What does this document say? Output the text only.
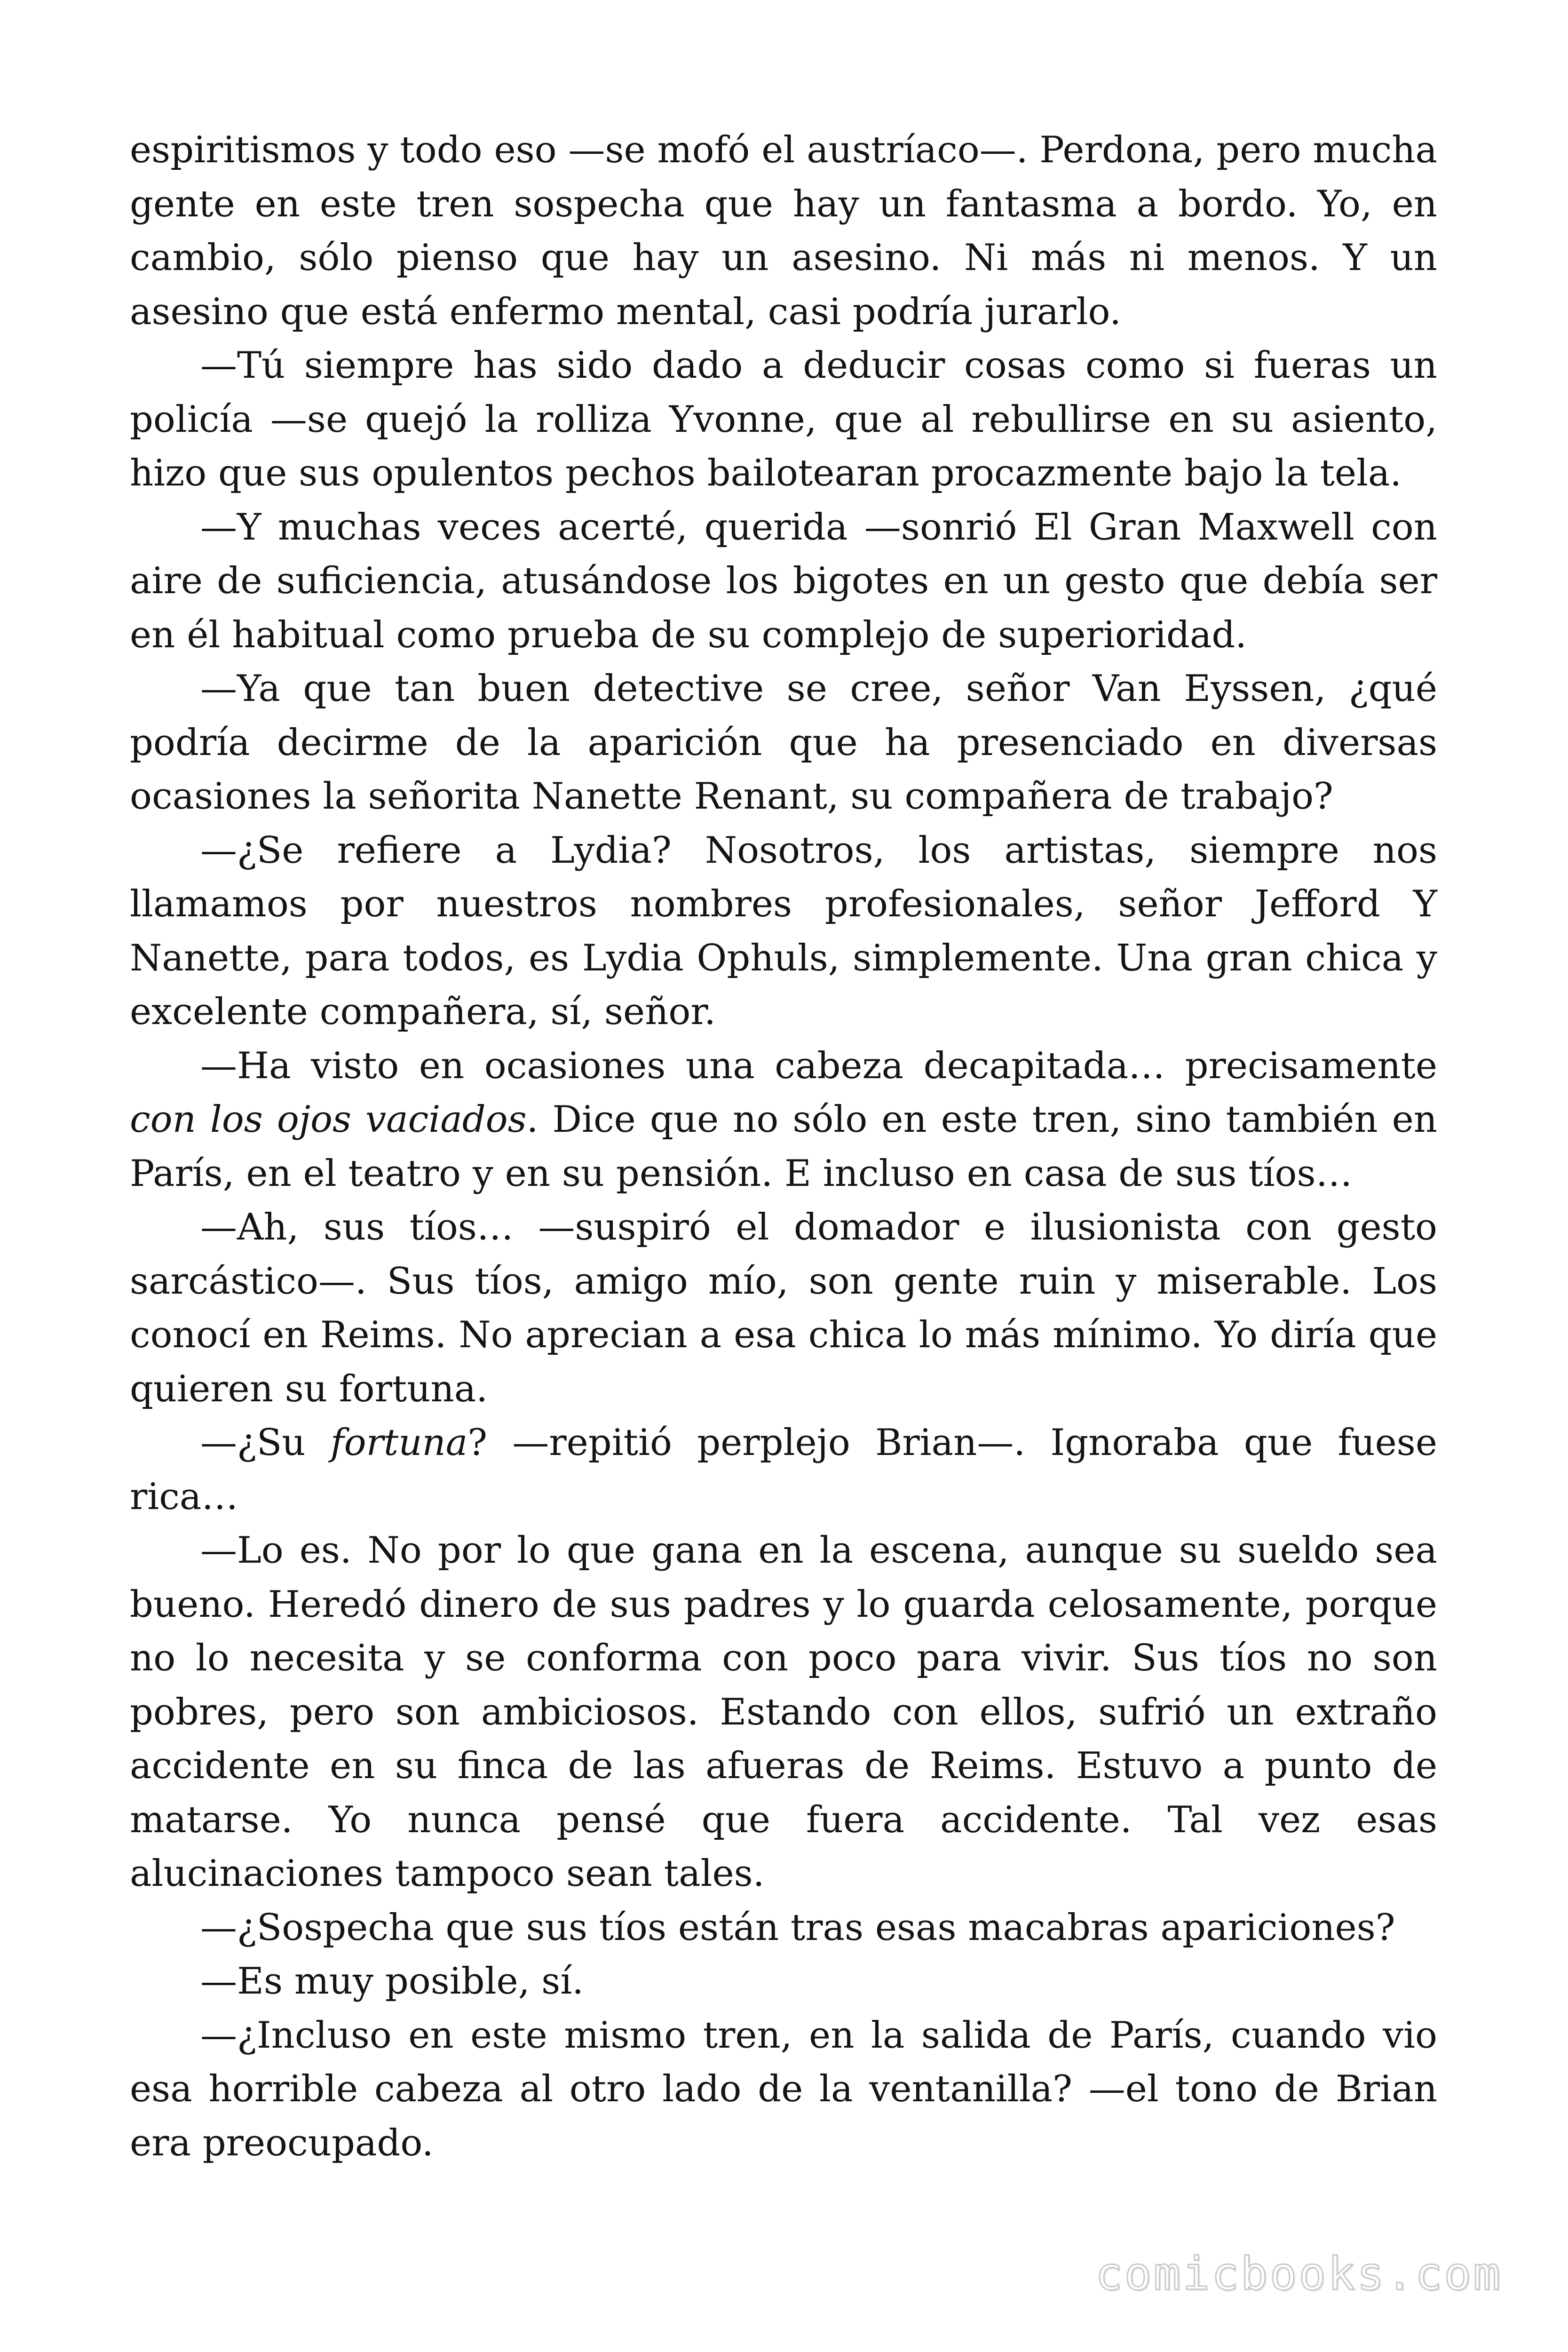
espiritismos y todo eso —se mofó el austríaco—. Perdona, pero mucha gente en este tren sospecha que hay un fantasma a bordo. Yo, en cambio, sólo pienso que hay un asesino. Ni más ni menos. Y un asesino que está enfermo mental, casi podría jurarlo.

—Tú siempre has sido dado a deducir cosas como si fueras un policía —se quejó la rolliza Yvonne, que al rebullirse en su asiento, hizo que sus opulentos pechos bailotearan procazmente bajo la tela.

—Y muchas veces acerté, querida —sonrió El Gran Maxwell con aire de suficiencia, atusándose los bigotes en un gesto que debía ser en él habitual como prueba de su complejo de superioridad.

—Ya que tan buen detective se cree, señor Van Eyssen, ¿qué podría decirme de la aparición que ha presenciado en diversas ocasiones la señorita Nanette Renant, su compañera de trabajo?

—¿Se refiere a Lydia? Nosotros, los artistas, siempre nos llamamos por nuestros nombres profesionales, señor Jefford Y Nanette, para todos, es Lydia Ophuls, simplemente. Una gran chica y excelente compañera, sí, señor.

—Ha visto en ocasiones una cabeza decapitada… precisamente con los ojos vaciados. Dice que no sólo en este tren, sino también en París, en el teatro y en su pensión. E incluso en casa de sus tíos…

—Ah, sus tíos… —suspiró el domador e ilusionista con gesto sarcástico—. Sus tíos, amigo mío, son gente ruin y miserable. Los conocí en Reims. No aprecian a esa chica lo más mínimo. Yo diría que quieren su fortuna.

—¿Su fortuna? —repitió perplejo Brian—. Ignoraba que fuese rica…

—Lo es. No por lo que gana en la escena, aunque su sueldo sea bueno. Heredó dinero de sus padres y lo guarda celosamente, porque no lo necesita y se conforma con poco para vivir. Sus tíos no son pobres, pero son ambiciosos. Estando con ellos, sufrió un extraño accidente en su finca de las afueras de Reims. Estuvo a punto de matarse. Yo nunca pensé que fuera accidente. Tal vez esas alucinaciones tampoco sean tales.

—¿Sospecha que sus tíos están tras esas macabras apariciones?

—Es muy posible, sí.

—¿Incluso en este mismo tren, en la salida de París, cuando vio esa horrible cabeza al otro lado de la ventanilla? —el tono de Brian era preocupado.

comicbooks.com
